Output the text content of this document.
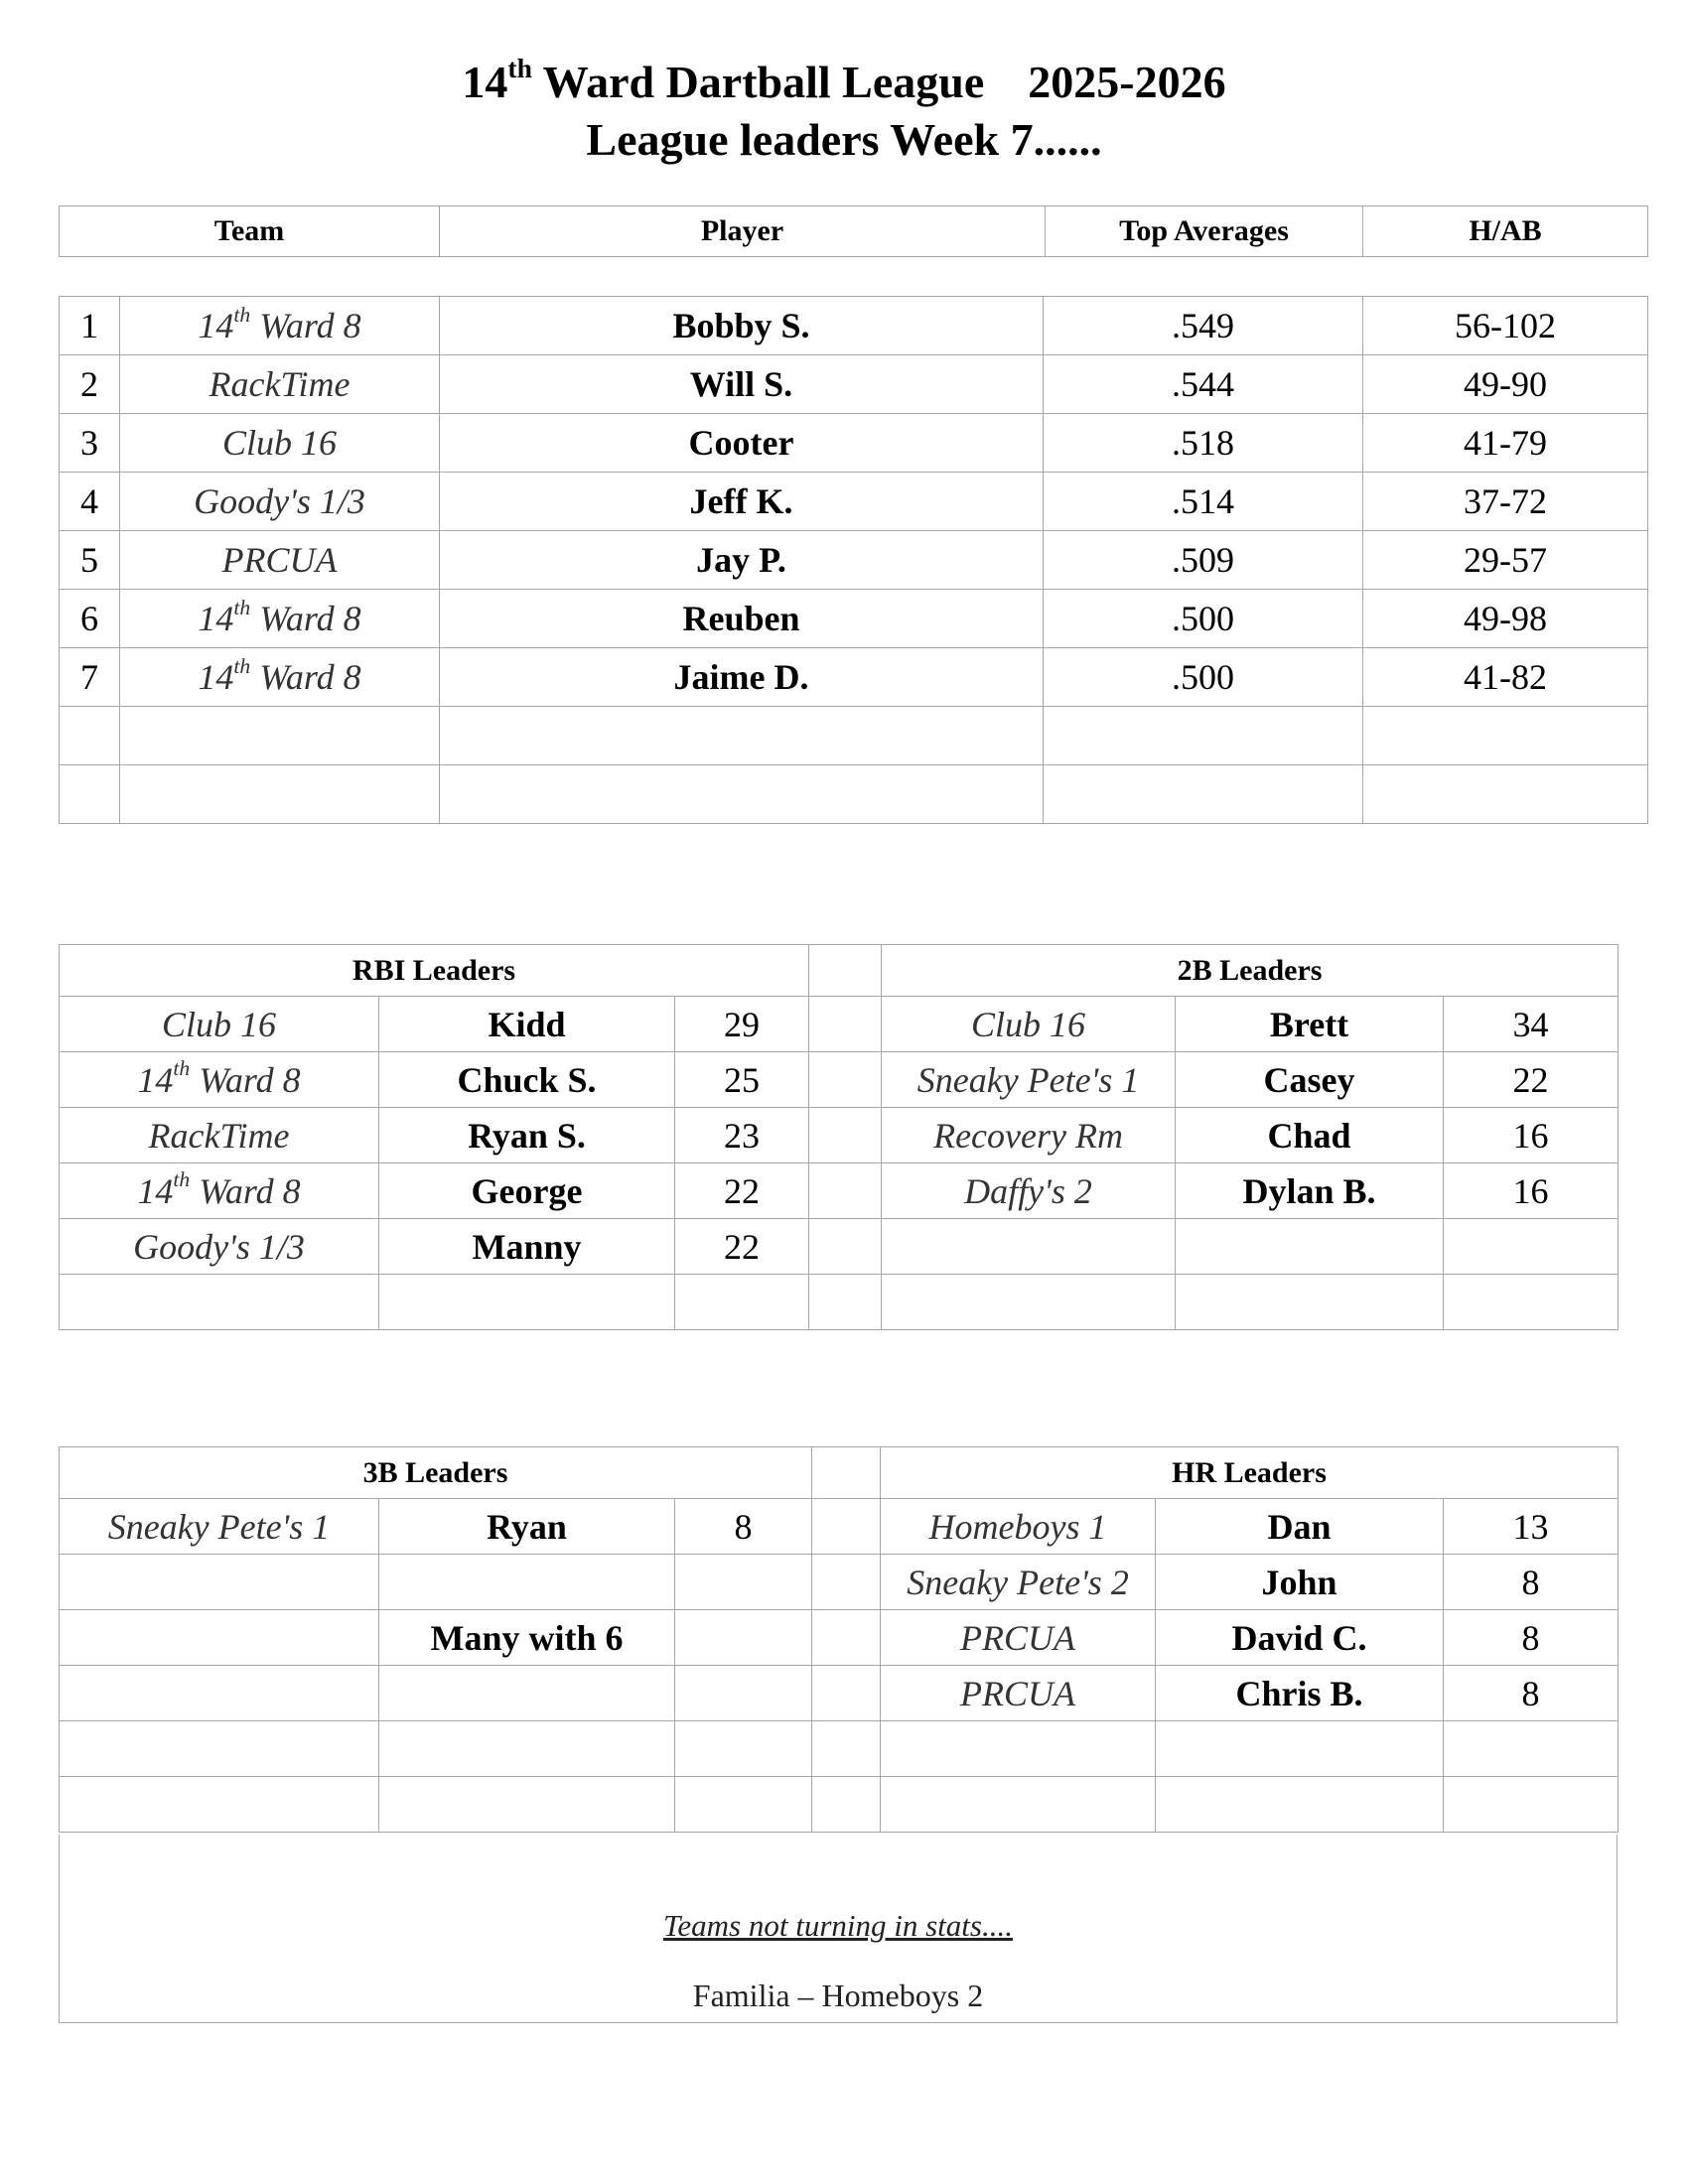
14th Ward Dartball League 2025-2026
League leaders Week 7......
Team	Player	Top Averages	H/AB
1	14th Ward 8	Bobby S.	.549	56-102
2	RackTime	Will S.	.544	49-90
3	Club 16	Cooter	.518	41-79
4	Goody's 1/3	Jeff K.	.514	37-72
5	PRCUA	Jay P.	.509	29-57
6	14th Ward 8	Reuben	.500	49-98
7	14th Ward 8	Jaime D.	.500	41-82

RBI Leaders				2B Leaders		
Club 16	Kidd	29		Club 16	Brett	34
14th Ward 8	Chuck S.	25		Sneaky Pete's 1	Casey	22
RackTime	Ryan S.	23		Recovery Rm	Chad	16
14th Ward 8	George	22		Daffy's 2	Dylan B.	16
Goody's 1/3	Manny	22				

3B Leaders				HR Leaders		
Sneaky Pete's 1	Ryan	8		Homeboys 1	Dan	13
				Sneaky Pete's 2	John	8
	Many with 6			PRCUA	David C.	8
				PRCUA	Chris B.	8

Teams not turning in stats....
Familia – Homeboys 2
